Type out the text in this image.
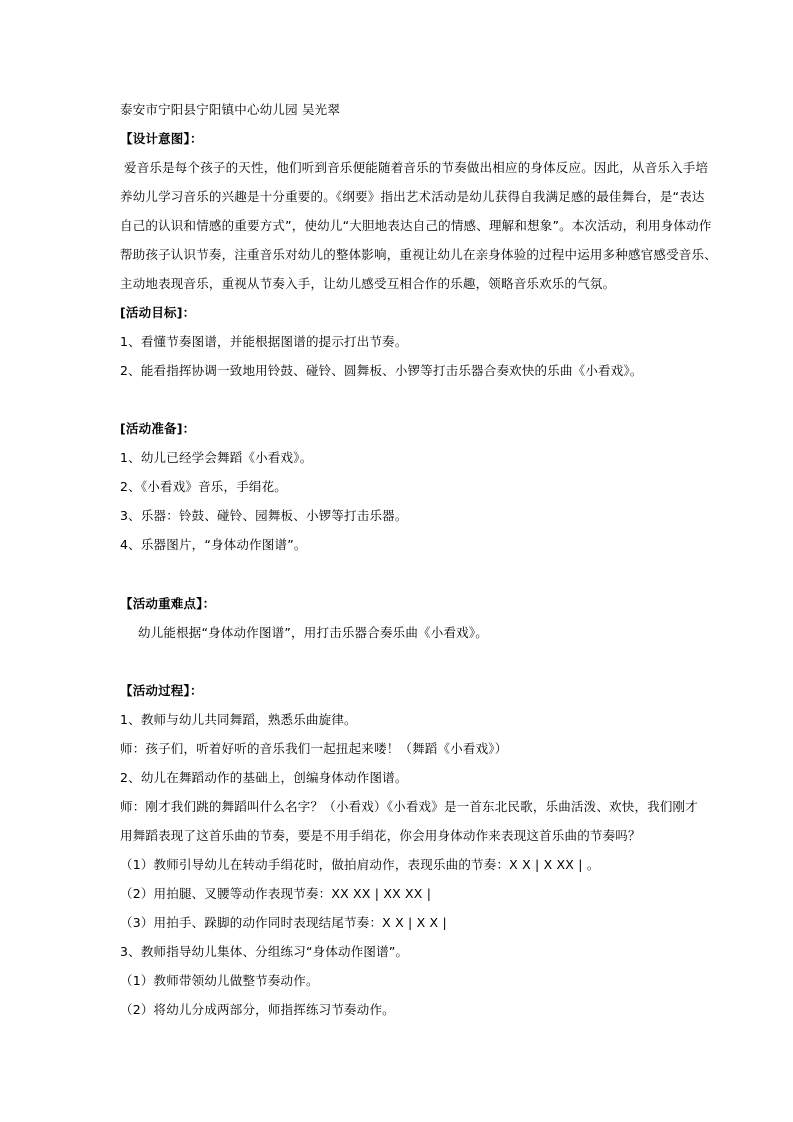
泰安市宁阳县宁阳镇中心幼儿园 吴光翠
【设计意图】：
爱音乐是每个孩子的天性，他们听到音乐便能随着音乐的节奏做出相应的身体反应。因此，从音乐入手培
养幼儿学习音乐的兴趣是十分重要的。《纲要》指出艺术活动是幼儿获得自我满足感的最佳舞台，是“表达
自己的认识和情感的重要方式”，使幼儿“大胆地表达自己的情感、理解和想象”。本次活动，利用身体动作
帮助孩子认识节奏，注重音乐对幼儿的整体影响，重视让幼儿在亲身体验的过程中运用多种感官感受音乐、
主动地表现音乐，重视从节奏入手，让幼儿感受互相合作的乐趣，领略音乐欢乐的气氛。
[活动目标]：
1、看懂节奏图谱，并能根据图谱的提示打出节奏。
2、能看指挥协调一致地用铃鼓、碰铃、圆舞板、小锣等打击乐器合奏欢快的乐曲《小看戏》。
[活动准备]：
1、幼儿已经学会舞蹈《小看戏》。
2、《小看戏》音乐，手绢花。
3、乐器：铃鼓、碰铃、园舞板、小锣等打击乐器。
4、乐器图片，“身体动作图谱”。
【活动重难点】：
幼儿能根据“身体动作图谱”，用打击乐器合奏乐曲《小看戏》。
【活动过程】：
1、教师与幼儿共同舞蹈，熟悉乐曲旋律。
师：孩子们，听着好听的音乐我们一起扭起来喽！（舞蹈《小看戏》）
2、幼儿在舞蹈动作的基础上，创编身体动作图谱。
师：刚才我们跳的舞蹈叫什么名字？（小看戏）《小看戏》是一首东北民歌，乐曲活泼、欢快，我们刚才
用舞蹈表现了这首乐曲的节奏，要是不用手绢花，你会用身体动作来表现这首乐曲的节奏吗？
（1）教师引导幼儿在转动手绢花时，做拍肩动作，表现乐曲的节奏：X X | X XX | 。
（2）用拍腿、叉腰等动作表现节奏：XX XX | XX XX |
（3）用拍手、跺脚的动作同时表现结尾节奏：X X | X X |
3、教师指导幼儿集体、分组练习“身体动作图谱”。
（1）教师带领幼儿做整节奏动作。
（2）将幼儿分成两部分，师指挥练习节奏动作。
